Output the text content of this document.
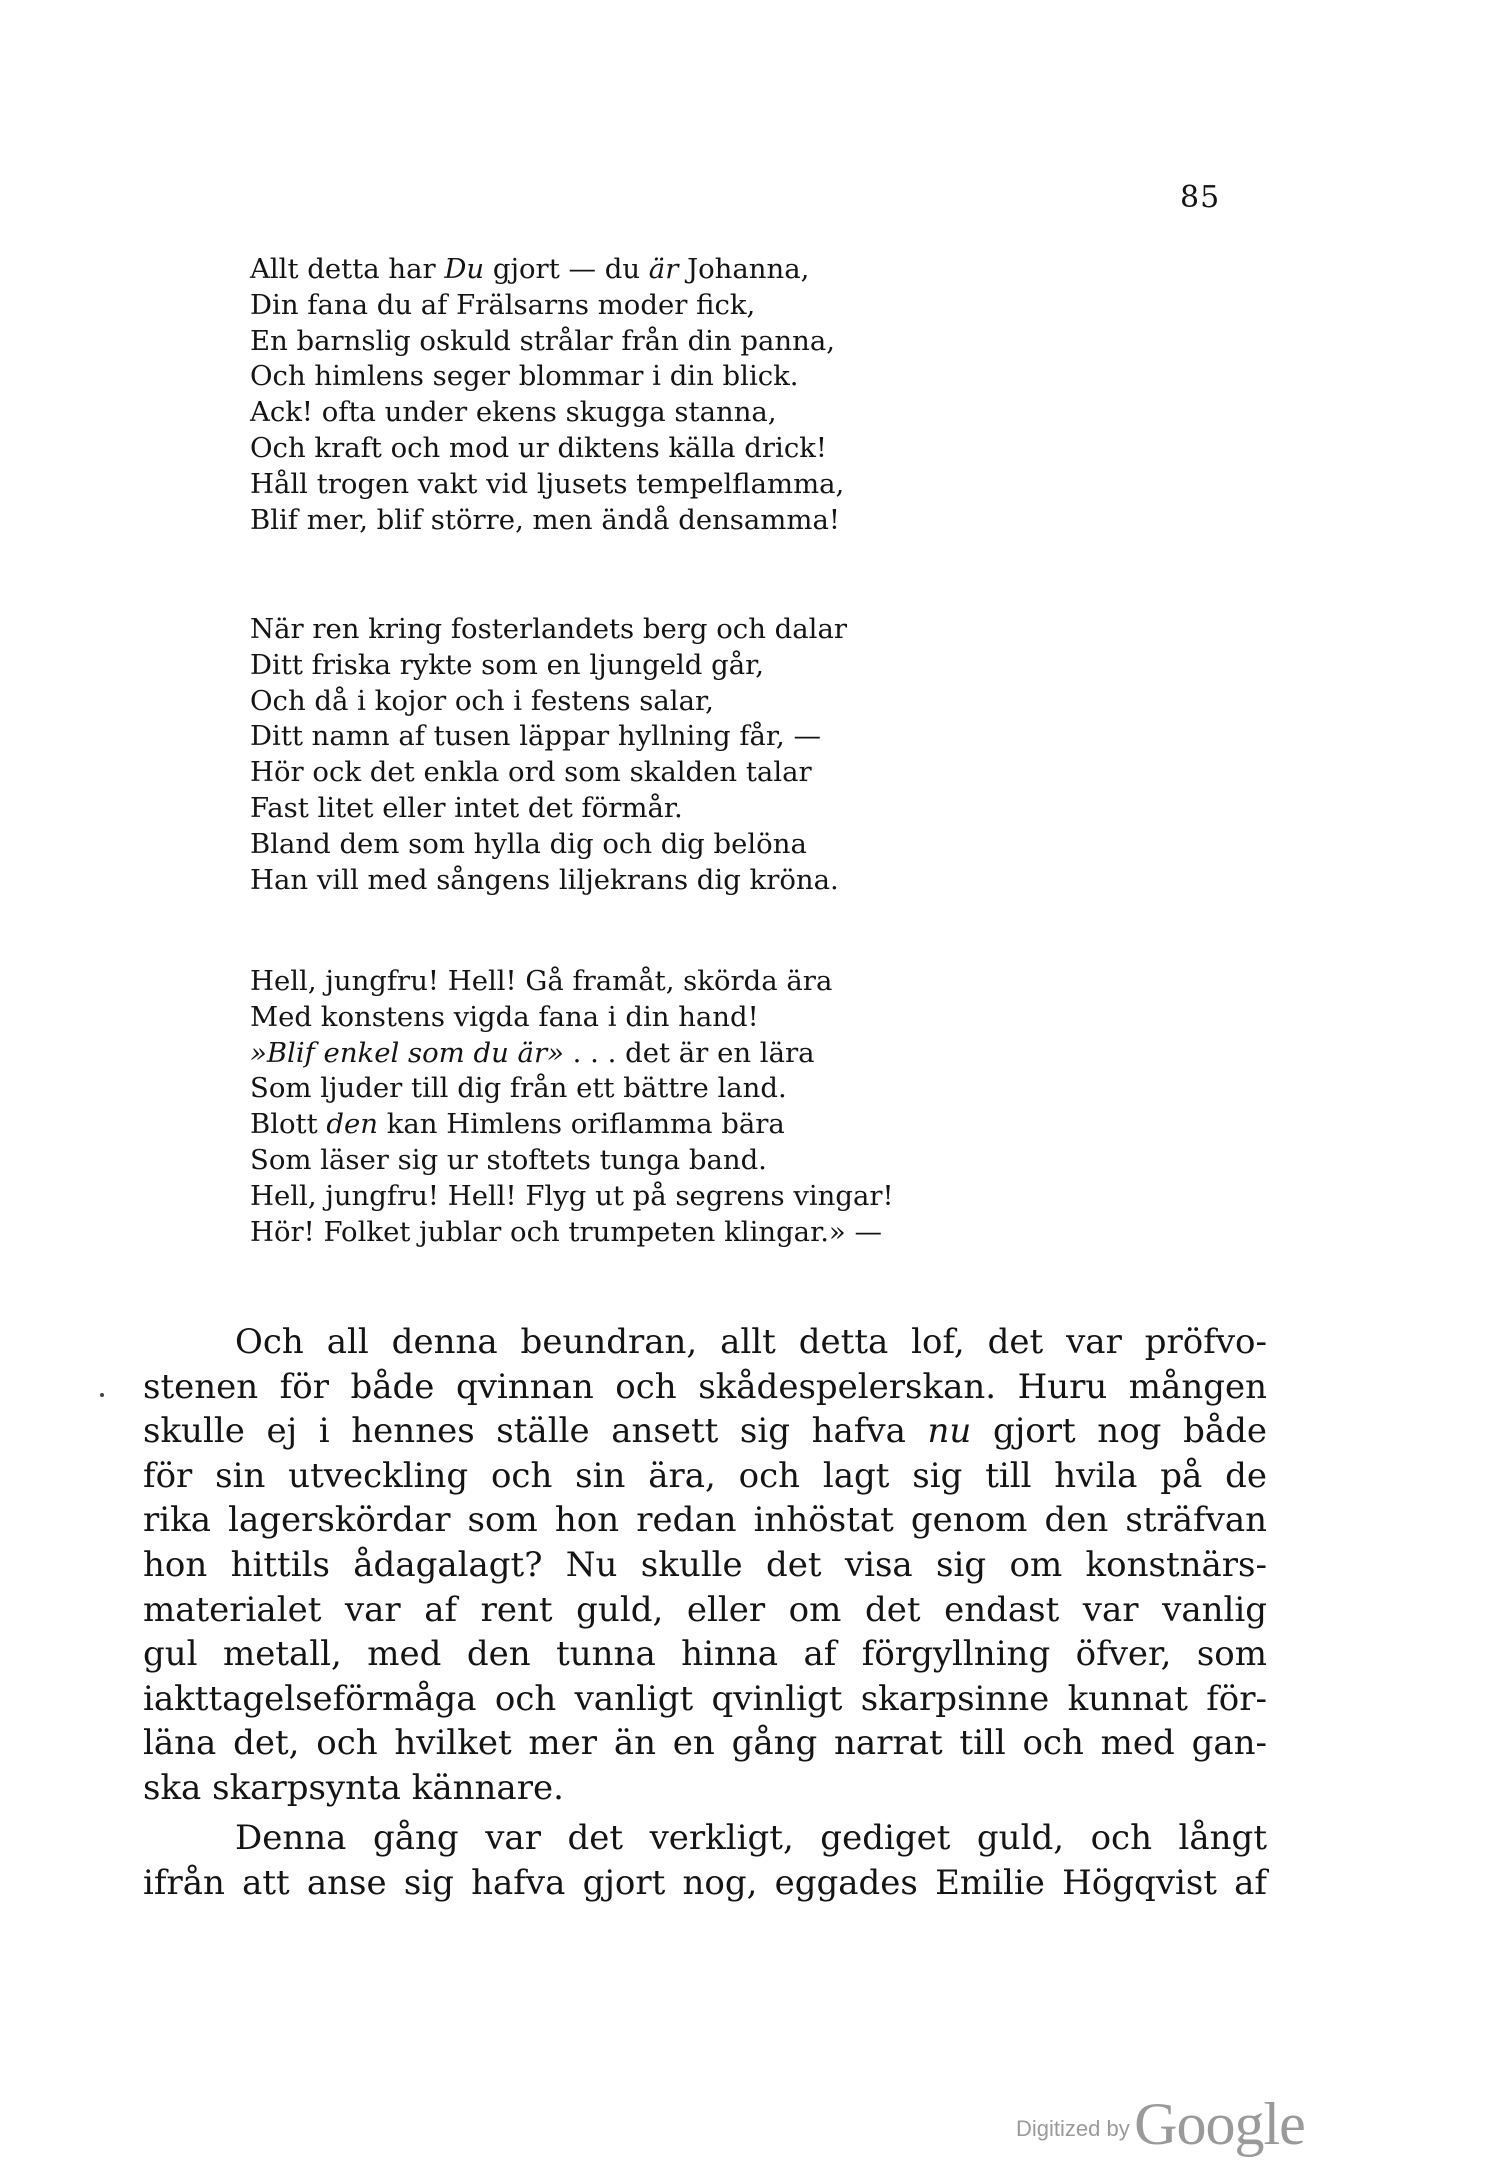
85
Allt detta har Du gjort — du är Johanna,
Din fana du af Frälsarns moder fick,
En barnslig oskuld strålar från din panna,
Och himlens seger blommar i din blick.
Ack! ofta under ekens skugga stanna,
Och kraft och mod ur diktens källa drick!
Håll trogen vakt vid ljusets tempelflamma,
Blif mer, blif större, men ändå densamma!
När ren kring fosterlandets berg och dalar
Ditt friska rykte som en ljungeld går,
Och då i kojor och i festens salar,
Ditt namn af tusen läppar hyllning får, —
Hör ock det enkla ord som skalden talar
Fast litet eller intet det förmår.
Bland dem som hylla dig och dig belöna
Han vill med sångens liljekrans dig kröna.
Hell, jungfru! Hell! Gå framåt, skörda ära
Med konstens vigda fana i din hand!
»Blif enkel som du är» . . . det är en lära
Som ljuder till dig från ett bättre land.
Blott den kan Himlens oriflamma bära
Som läser sig ur stoftets tunga band.
Hell, jungfru! Hell! Flyg ut på segrens vingar!
Hör! Folket jublar och trumpeten klingar.» —
Och all denna beundran, allt detta lof, det var pröfvo-
stenen för både qvinnan och skådespelerskan. Huru mången
skulle ej i hennes ställe ansett sig hafva nu gjort nog både
för sin utveckling och sin ära, och lagt sig till hvila på de
rika lagerskördar som hon redan inhöstat genom den sträfvan
hon hittils ådagalagt? Nu skulle det visa sig om konstnärs-
materialet var af rent guld, eller om det endast var vanlig
gul metall, med den tunna hinna af förgyllning öfver, som
iakttagelseförmåga och vanligt qvinligt skarpsinne kunnat för-
läna det, och hvilket mer än en gång narrat till och med gan-
ska skarpsynta kännare.
Denna gång var det verkligt, gediget guld, och långt
ifrån att anse sig hafva gjort nog, eggades Emilie Högqvist af
Digitized by Google
